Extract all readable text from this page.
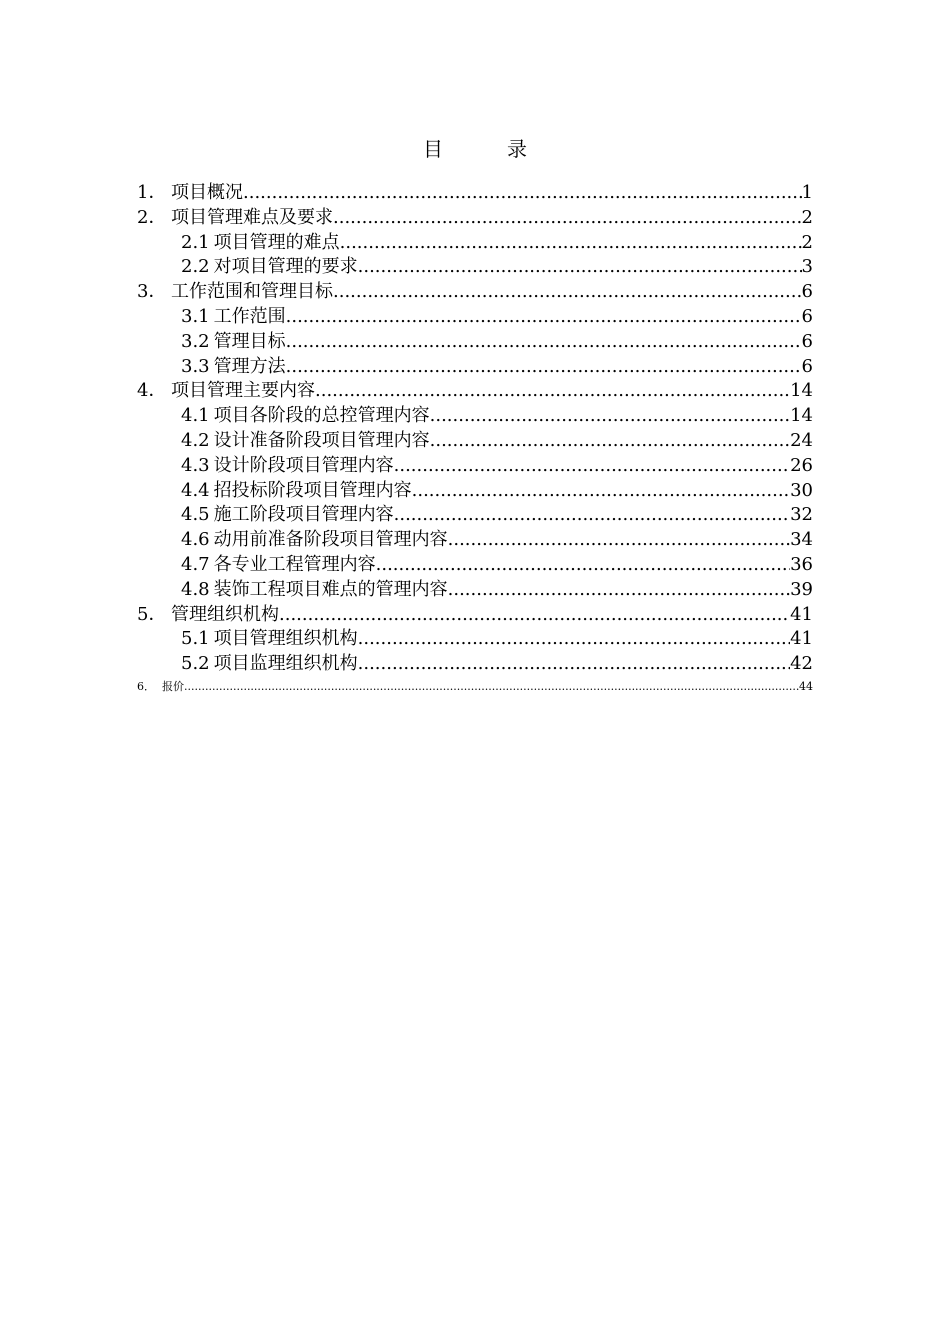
目　录
1． 项目概况 .....	1
2． 项目管理难点及要求 .....	2
2.1 项目管理的难点 .....	2
2.2 对项目管理的要求 .....	3
3． 工作范围和管理目标 .....	6
3.1 工作范围 .....	6
3.2 管理目标 .....	6
3.3 管理方法 .....	6
4． 项目管理主要内容 .....	14
4.1 项目各阶段的总控管理内容 .....	14
4.2 设计准备阶段项目管理内容 .....	24
4.3 设计阶段项目管理内容 .....	26
4.4 招投标阶段项目管理内容 .....	30
4.5 施工阶段项目管理内容 .....	32
4.6 动用前准备阶段项目管理内容 .....	34
4.7 各专业工程管理内容 .....	36
4.8 装饰工程项目难点的管理内容 .....	39
5． 管理组织机构 .....	41
5.1 项目管理组织机构 .....	41
5.2 项目监理组织机构 .....	42
6． 报价 .....	44
